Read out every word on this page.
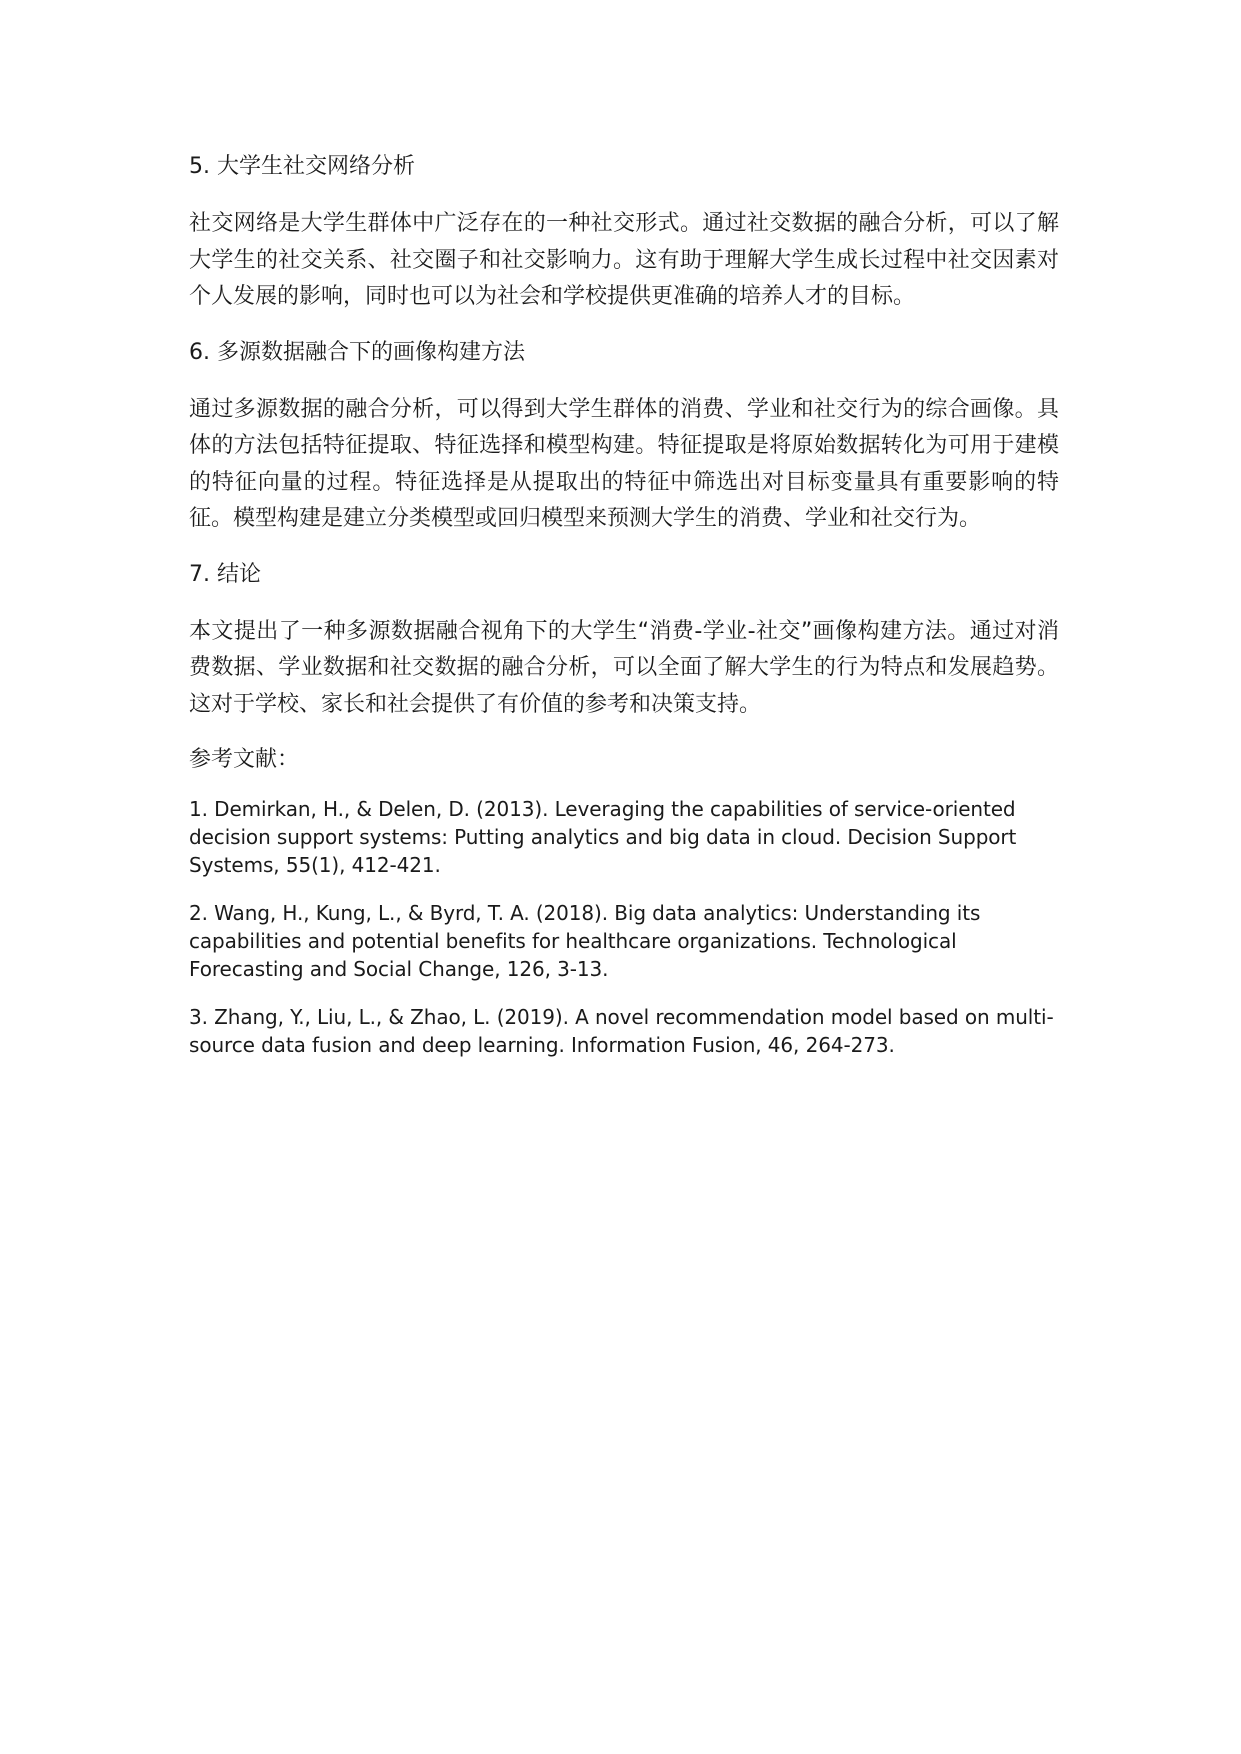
5. 大学生社交网络分析

社交网络是大学生群体中广泛存在的一种社交形式。通过社交数据的融合分析，可以了解大学生的社交关系、社交圈子和社交影响力。这有助于理解大学生成长过程中社交因素对个人发展的影响，同时也可以为社会和学校提供更准确的培养人才的目标。

6. 多源数据融合下的画像构建方法

通过多源数据的融合分析，可以得到大学生群体的消费、学业和社交行为的综合画像。具体的方法包括特征提取、特征选择和模型构建。特征提取是将原始数据转化为可用于建模的特征向量的过程。特征选择是从提取出的特征中筛选出对目标变量具有重要影响的特征。模型构建是建立分类模型或回归模型来预测大学生的消费、学业和社交行为。

7. 结论

本文提出了一种多源数据融合视角下的大学生“消费-学业-社交”画像构建方法。通过对消费数据、学业数据和社交数据的融合分析，可以全面了解大学生的行为特点和发展趋势。这对于学校、家长和社会提供了有价值的参考和决策支持。

参考文献：
1. Demirkan, H., & Delen, D. (2013). Leveraging the capabilities of service-oriented decision support systems: Putting analytics and big data in cloud. Decision Support Systems, 55(1), 412-421.
2. Wang, H., Kung, L., & Byrd, T. A. (2018). Big data analytics: Understanding its capabilities and potential benefits for healthcare organizations. Technological Forecasting and Social Change, 126, 3-13.
3. Zhang, Y., Liu, L., & Zhao, L. (2019). A novel recommendation model based on multi-source data fusion and deep learning. Information Fusion, 46, 264-273.
